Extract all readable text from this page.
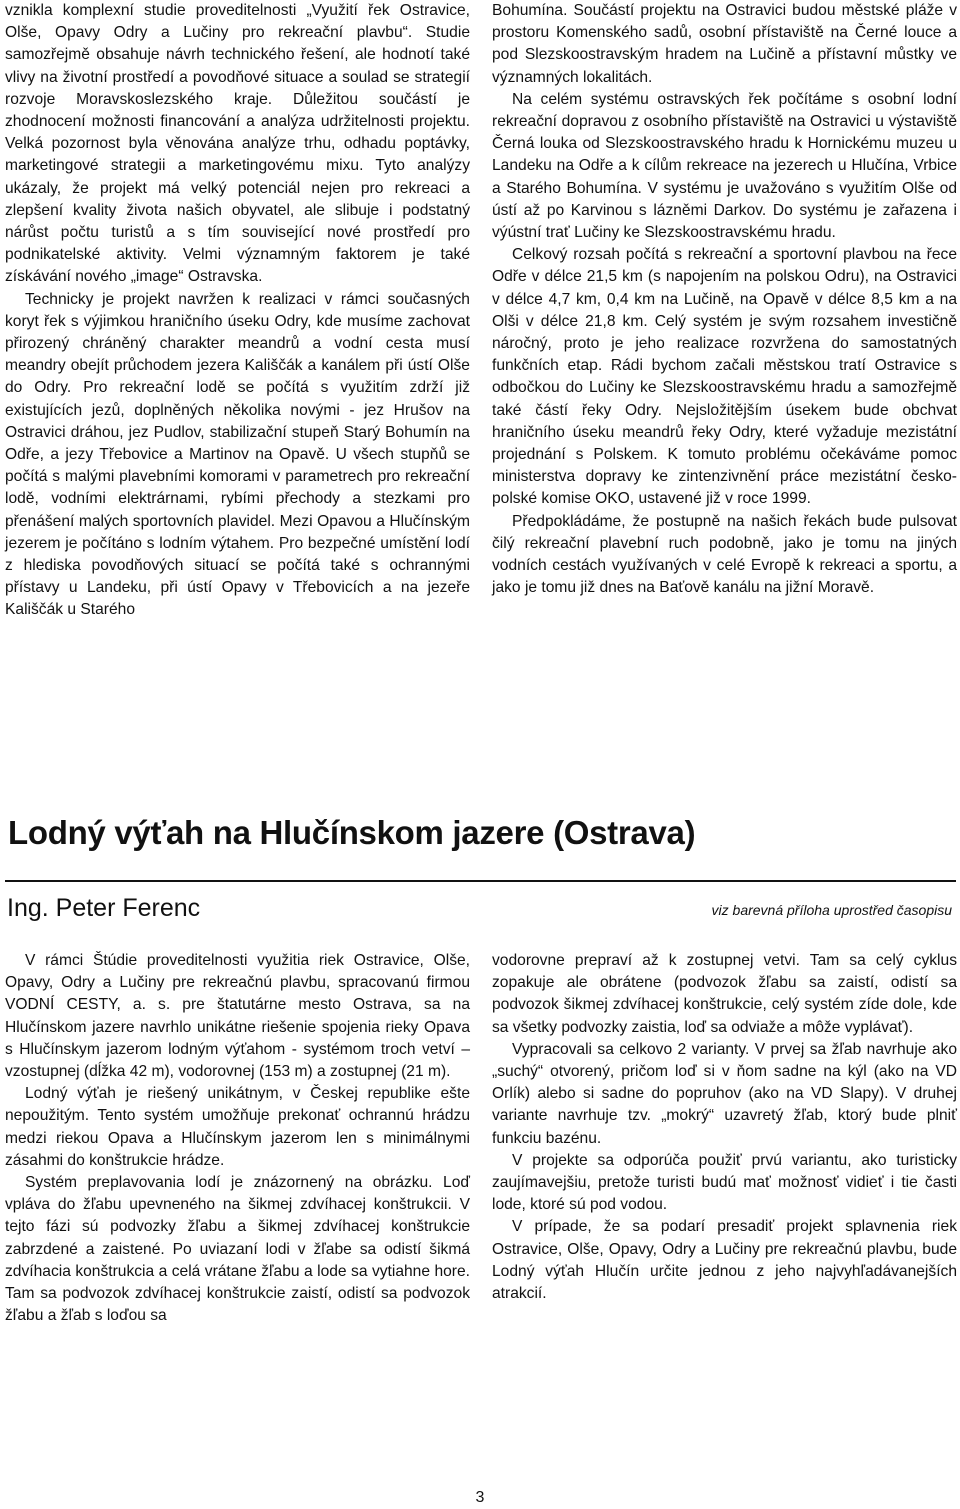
vznikla komplexní studie proveditelnosti „Využití řek Ostravice, Olše, Opavy Odry a Lučiny pro rekreační plavbu“. Studie samozřejmě obsahuje návrh technického řešení, ale hodnotí také vlivy na životní prostředí a povodňové situace a soulad se strategií rozvoje Moravskoslezského kraje. Důležitou součástí je zhodnocení možnosti financování a analýza udržitelnosti projektu. Velká pozornost byla věnována analýze trhu, odhadu poptávky, marketingové strategii a marketingovému mixu. Tyto analýzy ukázaly, že projekt má velký potenciál nejen pro rekreaci a zlepšení kvality života našich obyvatel, ale slibuje i podstatný nárůst počtu turistů a s tím související nové prostředí pro podnikatelské aktivity. Velmi významným faktorem je také získávání nového „image“ Ostravska.

Technicky je projekt navržen k realizaci v rámci současných koryt řek s výjimkou hraničního úseku Odry, kde musíme zachovat přirozený chráněný charakter meandrů a vodní cesta musí meandry obejít průchodem jezera Kališčák a kanálem při ústí Olše do Odry. Pro rekreační lodě se počítá s využitím zdrží již existujících jezů, doplněných několika novými - jez Hrušov na Ostravici dráhou, jez Pudlov, stabilizační stupeň Starý Bohumín na Odře, a jezy Třebovice a Martinov na Opavě. U všech stupňů se počítá s malými plavebními komorami v parametrech pro rekreační lodě, vodními elektrárnami, rybími přechody a stezkami pro přenášení malých sportovních plavidel. Mezi Opavou a Hlučínským jezerem je počítáno s lodním výtahem. Pro bezpečné umístění lodí z hlediska povodňových situací se počítá také s ochrannými přístavy u Landeku, při ústí Opavy v Třebovicích a na jezeře Kališčák u Starého

Bohumína. Součástí projektu na Ostravici budou městské pláže v prostoru Komenského sadů, osobní přístaviště na Černé louce a pod Slezskoostravským hradem na Lučině a přístavní můstky ve významných lokalitách.

Na celém systému ostravských řek počítáme s osobní lodní rekreační dopravou z osobního přístaviště na Ostravici u výstaviště Černá louka od Slezskoostravského hradu k Hornickému muzeu u Landeku na Odře a k cílům rekreace na jezerech u Hlučína, Vrbice a Starého Bohumína. V systému je uvažováno s využitím Olše od ústí až po Karvinou s lázněmi Darkov. Do systému je zařazena i výústní trať Lučiny ke Slezskoostravskému hradu.

Celkový rozsah počítá s rekreační a sportovní plavbou na řece Odře v délce 21,5 km (s napojením na polskou Odru), na Ostravici v délce 4,7 km, 0,4 km na Lučině, na Opavě v délce 8,5 km a na Olši v délce 21,8 km. Celý systém je svým rozsahem investičně náročný, proto je jeho realizace rozvržena do samostatných funkčních etap. Rádi bychom začali městskou tratí Ostravice s odbočkou do Lučiny ke Slezskoostravskému hradu a samozřejmě také částí řeky Odry. Nejsložitějším úsekem bude obchvat hraničního úseku meandrů řeky Odry, které vyžaduje mezistátní projednání s Polskem. K tomuto problému očekáváme pomoc ministerstva dopravy ke zintenzivnění práce mezistátní česko-polské komise OKO, ustavené již v roce 1999.

Předpokládáme, že postupně na našich řekách bude pulsovat čilý rekreační plavební ruch podobně, jako je tomu na jiných vodních cestách využívaných v celé Evropě k rekreaci a sportu, a jako je tomu již dnes na Baťově kanálu na jižní Moravě.

Lodný výťah na Hlučínskom jazere (Ostrava)
Ing. Peter Ferenc	viz barevná příloha uprostřed časopisu

V rámci Štúdie proveditelnosti využitia riek Ostravice, Olše, Opavy, Odry a Lučiny pre rekreačnú plavbu, spracovanú firmou VODNÍ CESTY, a. s. pre štatutárne mesto Ostrava, sa na Hlučínskom jazere navrhlo unikátne riešenie spojenia rieky Opava s Hlučínskym jazerom lodným výťahom - systémom troch vetví – vzostupnej (dĺžka 42 m), vodorovnej (153 m) a zostupnej (21 m).

Lodný výťah je riešený unikátnym, v Českej republike ešte nepoužitým. Tento systém umožňuje prekonať ochrannú hrádzu medzi riekou Opava a Hlučínskym jazerom len s minimálnymi zásahmi do konštrukcie hrádze.

Systém preplavovania lodí je znázornený na obrázku. Loď vpláva do žľabu upevneného na šikmej zdvíhacej konštrukcii. V tejto fázi sú podvozky žľabu a šikmej zdvíhacej konštrukcie zabrzdené a zaistené. Po uviazaní lodi v žľabe sa odistí šikmá zdvíhacia konštrukcia a celá vrátane žľabu a lode sa vytiahne hore. Tam sa podvozok zdvíhacej konštrukcie zaistí, odistí sa podvozok žľabu a žľab s loďou sa

vodorovne prepraví až k zostupnej vetvi. Tam sa celý cyklus zopakuje ale obrátene (podvozok žľabu sa zaistí, odistí sa podvozok šikmej zdvíhacej konštrukcie, celý systém zíde dole, kde sa všetky podvozky zaistia, loď sa odviaže a môže vyplávať).

Vypracovali sa celkovo 2 varianty. V prvej sa žľab navrhuje ako „suchý“ otvorený, pričom loď si v ňom sadne na kýl (ako na VD Orlík) alebo si sadne do popruhov (ako na VD Slapy). V druhej variante navrhuje tzv. „mokrý“ uzavretý žľab, ktorý bude plniť funkciu bazénu.

V projekte sa odporúča použiť prvú variantu, ako turisticky zaujímavejšiu, pretože turisti budú mať možnosť vidieť i tie časti lode, ktoré sú pod vodou.

V prípade, že sa podarí presadiť projekt splavnenia riek Ostravice, Olše, Opavy, Odry a Lučiny pre rekreačnú plavbu, bude Lodný výťah Hlučín určite jednou z jeho najvyhľadávanejších atrakcií.

3
